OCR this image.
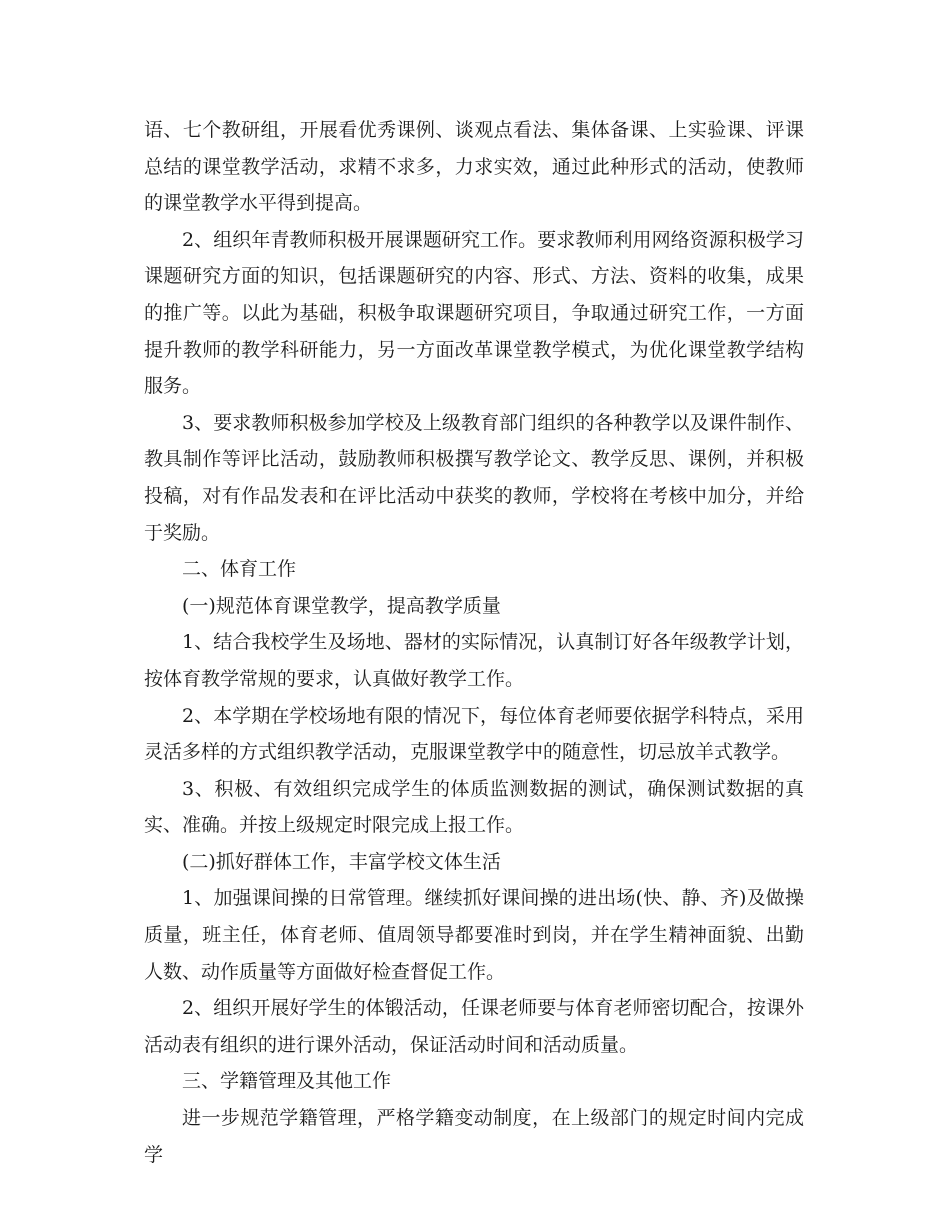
语、七个教研组，开展看优秀课例、谈观点看法、集体备课、上实验课、评课总结的课堂教学活动，求精不求多，力求实效，通过此种形式的活动，使教师的课堂教学水平得到提高。

2、组织年青教师积极开展课题研究工作。要求教师利用网络资源积极学习课题研究方面的知识，包括课题研究的内容、形式、方法、资料的收集，成果的推广等。以此为基础，积极争取课题研究项目，争取通过研究工作，一方面提升教师的教学科研能力，另一方面改革课堂教学模式，为优化课堂教学结构服务。

3、要求教师积极参加学校及上级教育部门组织的各种教学以及课件制作、教具制作等评比活动，鼓励教师积极撰写教学论文、教学反思、课例，并积极投稿，对有作品发表和在评比活动中获奖的教师，学校将在考核中加分，并给于奖励。

二、体育工作

(一)规范体育课堂教学，提高教学质量

1、结合我校学生及场地、器材的实际情况，认真制订好各年级教学计划，按体育教学常规的要求，认真做好教学工作。

2、本学期在学校场地有限的情况下，每位体育老师要依据学科特点，采用灵活多样的方式组织教学活动，克服课堂教学中的随意性，切忌放羊式教学。

3、积极、有效组织完成学生的体质监测数据的测试，确保测试数据的真实、准确。并按上级规定时限完成上报工作。

(二)抓好群体工作，丰富学校文体生活

1、加强课间操的日常管理。继续抓好课间操的进出场(快、静、齐)及做操质量，班主任，体育老师、值周领导都要准时到岗，并在学生精神面貌、出勤人数、动作质量等方面做好检查督促工作。

2、组织开展好学生的体锻活动，任课老师要与体育老师密切配合，按课外活动表有组织的进行课外活动，保证活动时间和活动质量。

三、学籍管理及其他工作

进一步规范学籍管理，严格学籍变动制度，在上级部门的规定时间内完成学
